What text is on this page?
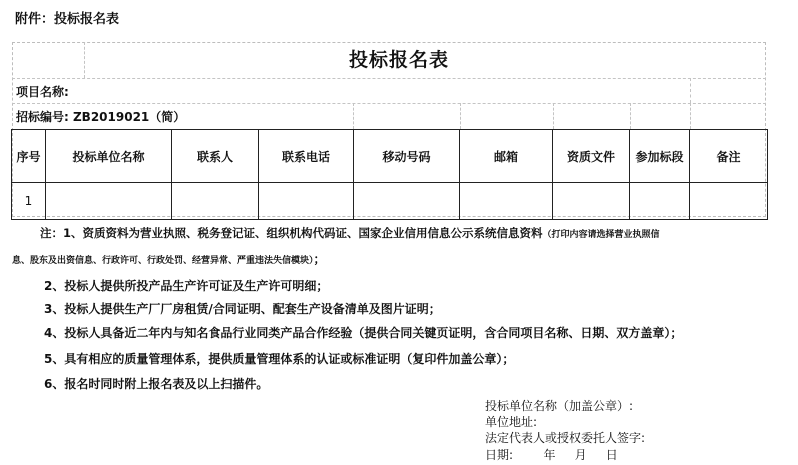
附件：投标报名表
投标报名表
项目名称:
招标编号: ZB2019021（简）
序号	投标单位名称	联系人	联系电话	移动号码	邮箱	资质文件	参加标段	备注
1								
注：1、资质资料为营业执照、税务登记证、组织机构代码证、国家企业信用信息公示系统信息资料（打印内容请选择营业执照信
息、股东及出资信息、行政许可、行政处罚、经营异常、严重违法失信模块）；
2、投标人提供所投产品生产许可证及生产许可明细；
3、投标人提供生产厂厂房租赁/合同证明、配套生产设备清单及图片证明；
4、投标人具备近二年内与知名食品行业同类产品合作经验（提供合同关键页证明，含合同项目名称、日期、双方盖章）；
5、具有相应的质量管理体系，提供质量管理体系的认证或标准证明（复印件加盖公章）；
6、报名时同时附上报名表及以上扫描件。
投标单位名称（加盖公章）:
单位地址:
法定代表人或授权委托人签字:
日期:        年     月     日
